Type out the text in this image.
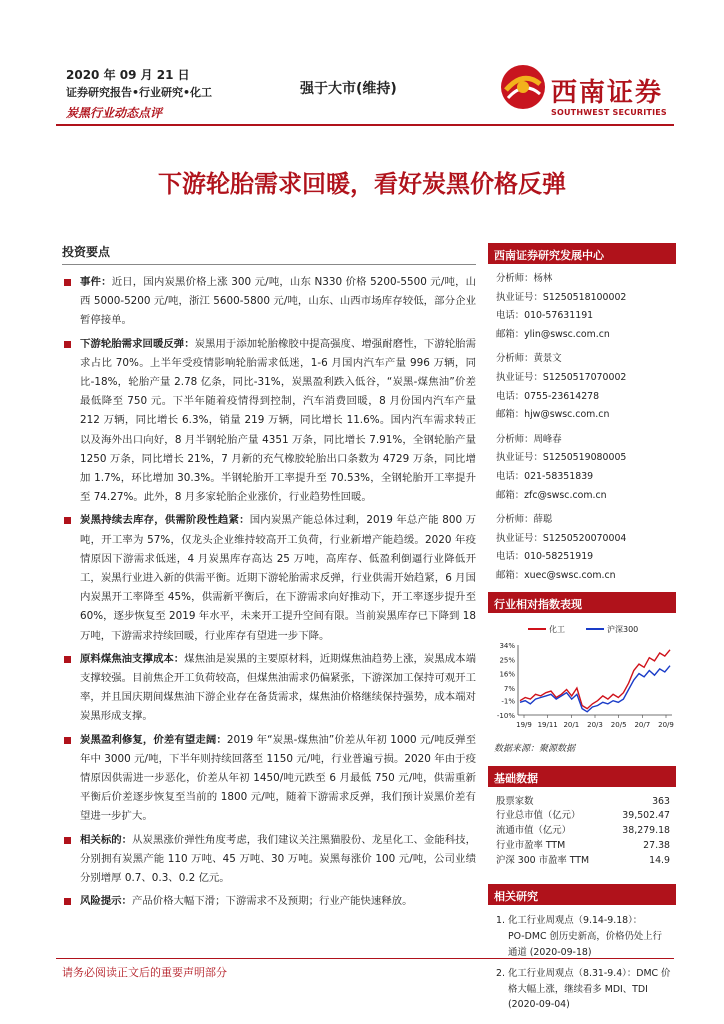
2020 年 09 月 21 日
证券研究报告•行业研究•化工
炭黑行业动态点评
强于大市(维持)	西南证券
SOUTHWEST SECURITIES
下游轮胎需求回暖，看好炭黑价格反弹
投资要点
事件：近日，国内炭黑价格上涨 300 元/吨，山东 N330 价格 5200-5500 元/吨，山西 5000-5200 元/吨，浙江 5600-5800 元/吨，山东、山西市场库存较低，部分企业暂停接单。
下游轮胎需求回暖反弹：炭黑用于添加轮胎橡胶中提高强度、增强耐磨性，下游轮胎需求占比 70%。上半年受疫情影响轮胎需求低迷，1-6 月国内汽车产量 996 万辆，同比-18%，轮胎产量 2.78 亿条，同比-31%，炭黑盈利跌入低谷，“炭黑-煤焦油”价差最低降至 750 元。下半年随着疫情得到控制，汽车消费回暖，8 月份国内汽车产量 212 万辆，同比增长 6.3%，销量 219 万辆，同比增长 11.6%。国内汽车需求转正以及海外出口向好，8 月半钢轮胎产量 4351 万条，同比增长 7.91%，全钢轮胎产量 1250 万条，同比增长 21%，7 月新的充气橡胶轮胎出口条数为 4729 万条，同比增加 1.7%，环比增加 30.3%。半钢轮胎开工率提升至 70.53%，全钢轮胎开工率提升至 74.27%。此外，8 月多家轮胎企业涨价，行业趋势性回暖。
炭黑持续去库存，供需阶段性趋紧：国内炭黑产能总体过剩，2019 年总产能 800 万吨，开工率为 57%，仅龙头企业维持较高开工负荷，行业新增产能趋缓。2020 年疫情原因下游需求低迷，4 月炭黑库存高达 25 万吨，高库存、低盈利倒逼行业降低开工，炭黑行业进入新的供需平衡。近期下游轮胎需求反弹，行业供需开始趋紧，6 月国内炭黑开工率降至 45%，供需新平衡后，在下游需求向好推动下，开工率逐步提升至 60%，逐步恢复至 2019 年水平，未来开工提升空间有限。当前炭黑库存已下降到 18 万吨，下游需求持续回暖，行业库存有望进一步下降。
原料煤焦油支撑成本：煤焦油是炭黑的主要原材料，近期煤焦油趋势上涨，炭黑成本端支撑较强。目前焦企开工负荷较高，但煤焦油需求仍偏紧张，下游深加工保持可观开工率，并且国庆期间煤焦油下游企业存在备货需求，煤焦油价格继续保持强势，成本端对炭黑形成支撑。
炭黑盈利修复，价差有望走阔：2019 年“炭黑-煤焦油”价差从年初 1000 元/吨反弹至年中 3000 元/吨，下半年则持续回落至 1150 元/吨，行业普遍亏损。2020 年由于疫情原因供需进一步恶化，价差从年初 1450/吨元跌至 6 月最低 750 元/吨，供需重新平衡后价差逐步恢复至当前的 1800 元/吨，随着下游需求反弹，我们预计炭黑价差有望进一步扩大。
相关标的：从炭黑涨价弹性角度考虑，我们建议关注黑猫股份、龙星化工、金能科技，分别拥有炭黑产能 110 万吨、45 万吨、30 万吨。炭黑每涨价 100 元/吨，公司业绩分别增厚 0.7、0.3、0.2 亿元。
风险提示：产品价格大幅下滑；下游需求不及预期；行业产能快速释放。
西南证券研究发展中心
分析师：杨林
执业证号：S1250518100002
电话：010-57631191
邮箱：ylin@swsc.com.cn
分析师：黄景文
执业证号：S1250517070002
电话：0755-23614278
邮箱：hjw@swsc.com.cn
分析师：周峰春
执业证号：S1250519080005
电话：021-58351839
邮箱：zfc@swsc.com.cn
分析师：薛聪
执业证号：S1250520070004
电话：010-58251919
邮箱：xuec@swsc.com.cn
行业相对指数表现
化工	沪深300
34%
25%
16%
7%
-1%
-10%
19/9 19/11 20/1 20/3 20/5 20/7 20/9
数据来源：聚源数据
基础数据
股票家数	363
行业总市值（亿元）	39,502.47
流通市值（亿元）	38,279.18
行业市盈率 TTM	27.38
沪深 300 市盈率 TTM	14.9
相关研究
1. 化工行业周观点（9.14-9.18）：
PO-DMC 创历史新高，价格仍处上行
通道 (2020-09-18)
2. 化工行业周观点（8.31-9.4）：DMC 价
格大幅上涨，继续看多 MDI、TDI
(2020-09-04)
请务必阅读正文后的重要声明部分
